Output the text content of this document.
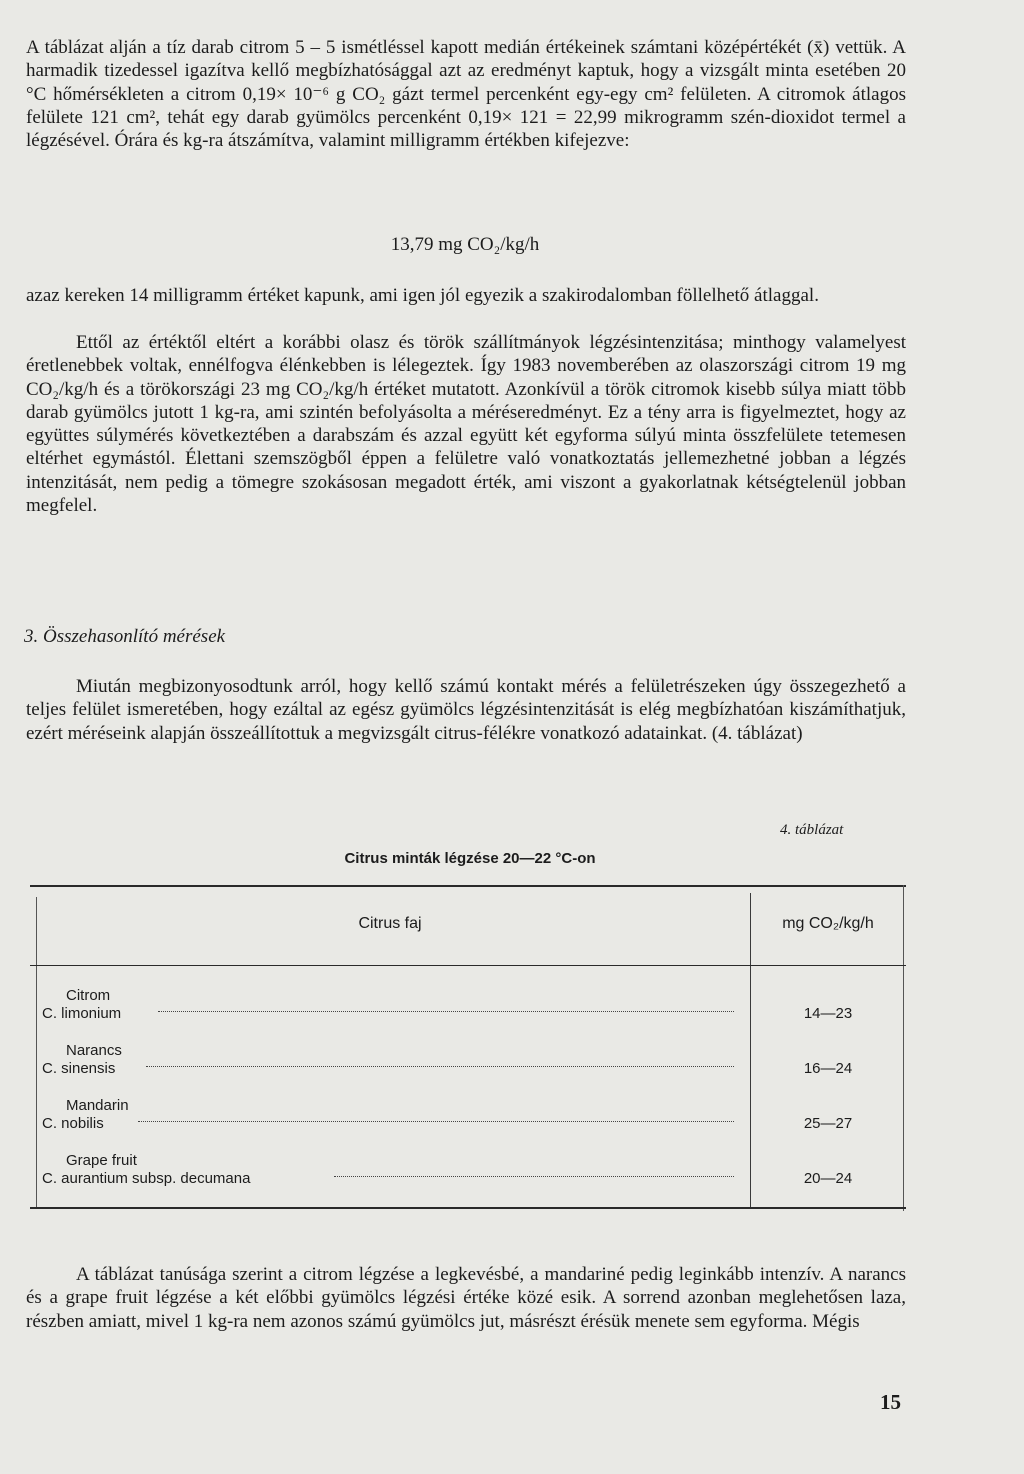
A táblázat alján a tíz darab citrom 5 – 5 ismétléssel kapott medián értékeinek számtani középértékét (x̄) vettük. A harmadik tizedessel igazítva kellő megbízhatósággal azt az eredményt kaptuk, hogy a vizsgált minta esetében 20 °C hőmérsékleten a citrom 0,19× 10⁻⁶ g CO₂ gázt termel percenként egy-egy cm² felületen. A citromok átlagos felülete 121 cm², tehát egy darab gyümölcs percenként 0,19× 121 = 22,99 mikrogramm szén-dioxidot termel a légzésével. Órára és kg-ra átszámítva, valamint milligramm értékben kifejezve:

13,79 mg CO₂/kg/h

azaz kereken 14 milligramm értéket kapunk, ami igen jól egyezik a szakirodalomban föllelhető átlaggal.

Ettől az értéktől eltért a korábbi olasz és török szállítmányok légzésintenzitása; minthogy valamelyest éretlenebbek voltak, ennélfogva élénkebben is lélegeztek. Így 1983 novemberében az olaszországi citrom 19 mg CO₂/kg/h és a törökországi 23 mg CO₂/kg/h értéket mutatott. Azonkívül a török citromok kisebb súlya miatt több darab gyümölcs jutott 1 kg-ra, ami szintén befolyásolta a méréseredményt. Ez a tény arra is figyelmeztet, hogy az együttes súlymérés következtében a darabszám és azzal együtt két egyforma súlyú minta összfelülete tetemesen eltérhet egymástól. Élettani szemszögből éppen a felületre való vonatkoztatás jellemezhetné jobban a légzés intenzitását, nem pedig a tömegre szokásosan megadott érték, ami viszont a gyakorlatnak kétségtelenül jobban megfelel.

3. Összehasonlító mérések

Miután megbizonyosodtunk arról, hogy kellő számú kontakt mérés a felületrészeken úgy összegezhető a teljes felület ismeretében, hogy ezáltal az egész gyümölcs légzésintenzitását is elég megbízhatóan kiszámíthatjuk, ezért méréseink alapján összeállítottuk a megvizsgált citrus-félékre vonatkozó adatainkat. (4. táblázat)

4. táblázat
Citrus minták légzése 20—22 °C-on
Citrus faj	mg CO₂/kg/h
Citrom
C. limonium	14—23
Narancs
C. sinensis	16—24
Mandarin
C. nobilis	25—27
Grape fruit
C. aurantium subsp. decumana	20—24

A táblázat tanúsága szerint a citrom légzése a legkevésbé, a mandariné pedig leginkább intenzív. A narancs és a grape fruit légzése a két előbbi gyümölcs légzési értéke közé esik. A sorrend azonban meglehetősen laza, részben amiatt, mivel 1 kg-ra nem azonos számú gyümölcs jut, másrészt érésük menete sem egyforma. Mégis

15
